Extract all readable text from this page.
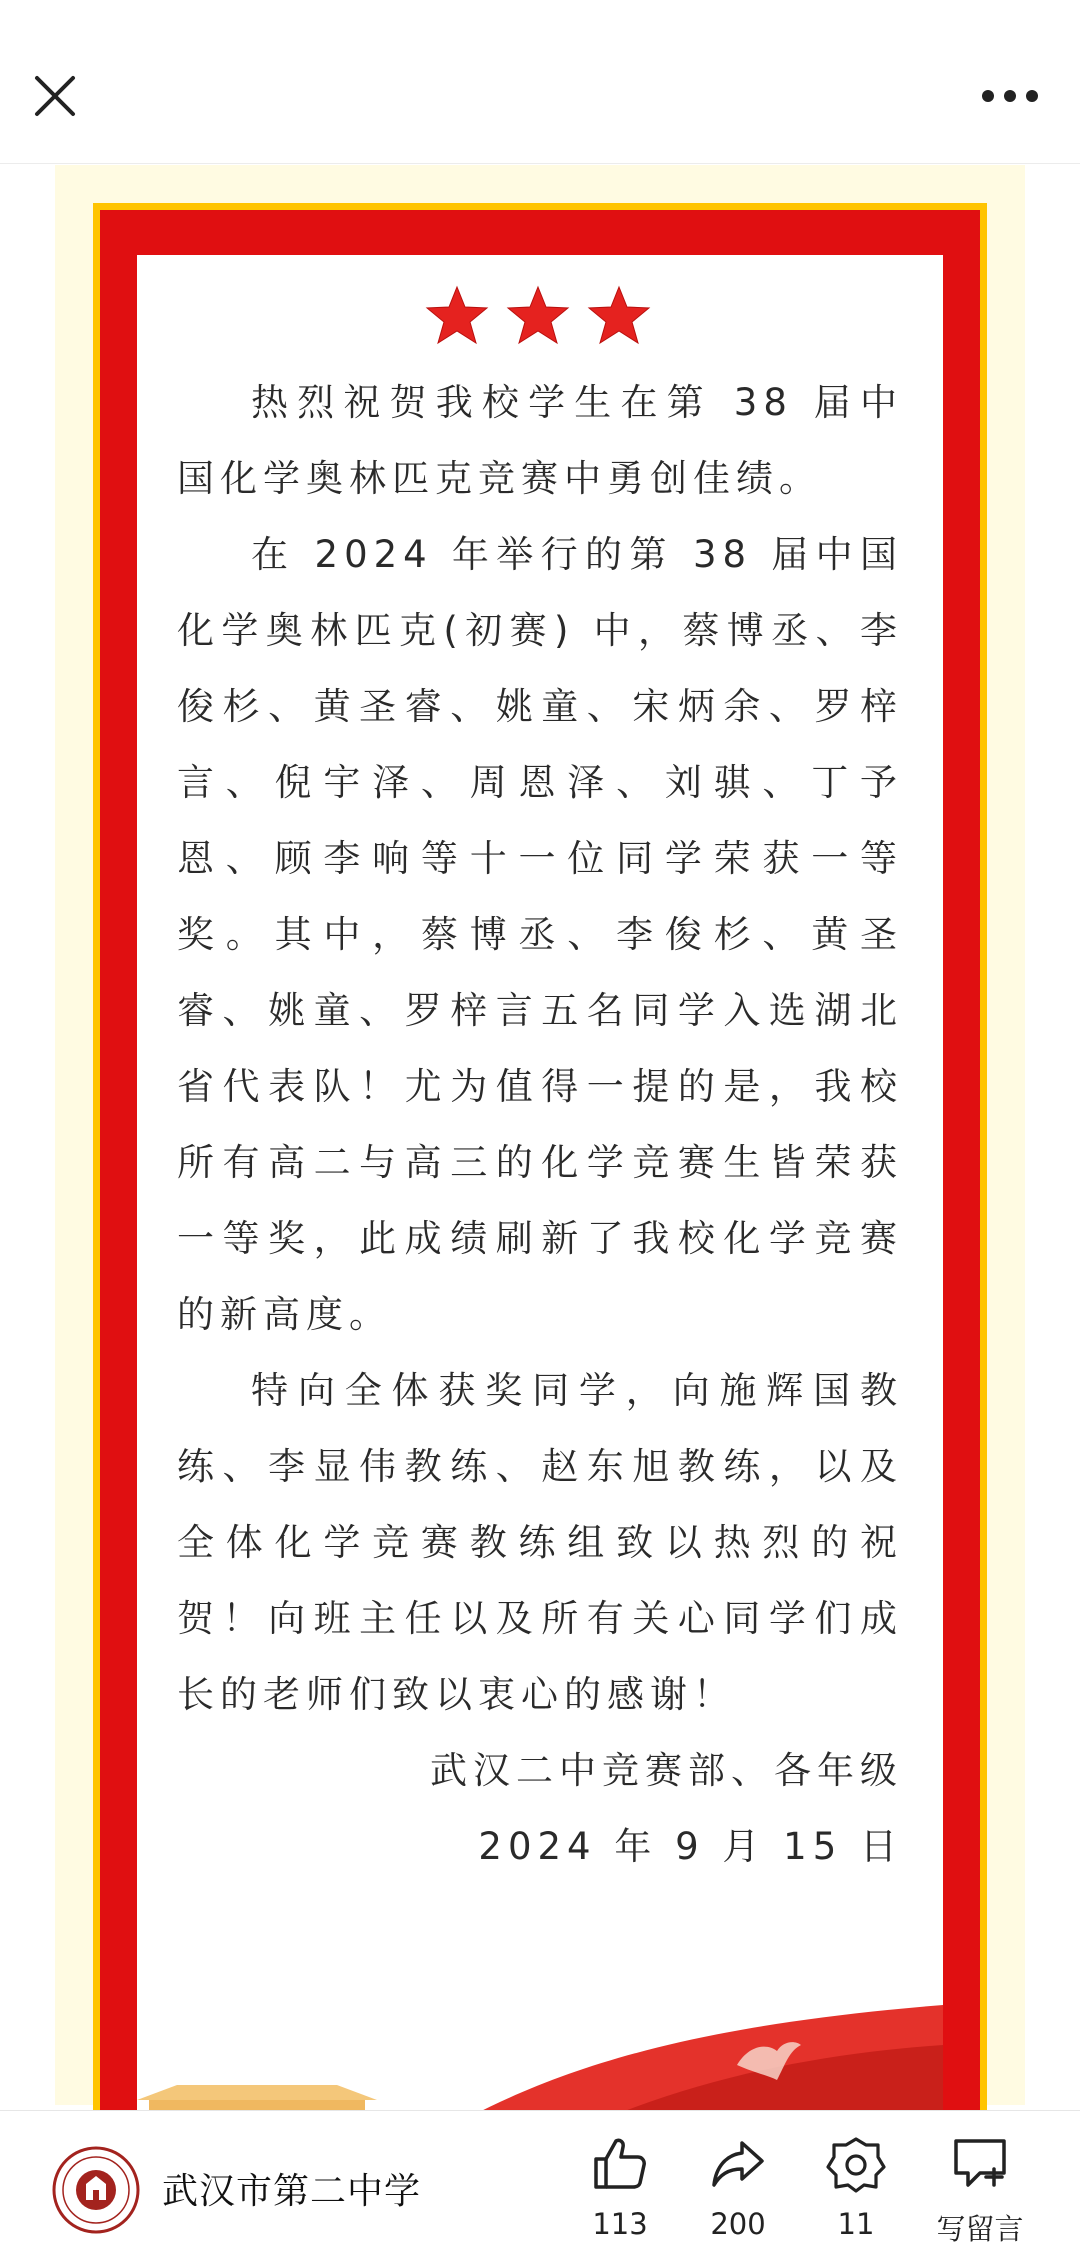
热烈祝贺我校学生在第 38 届中国化学奥林匹克竞赛中勇创佳绩。

在 2024 年举行的第 38 届中国化学奥林匹克(初赛) 中，蔡博丞、李俊杉、黄圣睿、姚童、宋炳余、罗梓言、倪宇泽、周恩泽、刘骐、丁予恩、顾李响等十一位同学荣获一等奖。其中，蔡博丞、李俊杉、黄圣睿、姚童、罗梓言五名同学入选湖北省代表队！尤为值得一提的是，我校所有高二与高三的化学竞赛生皆荣获一等奖，此成绩刷新了我校化学竞赛的新高度。

特向全体获奖同学，向施辉国教练、李显伟教练、赵东旭教练，以及全体化学竞赛教练组致以热烈的祝贺！向班主任以及所有关心同学们成长的老师们致以衷心的感谢！

武汉二中竞赛部、各年级

2024 年 9 月 15 日

武汉市第二中学
113	200	11	写留言
